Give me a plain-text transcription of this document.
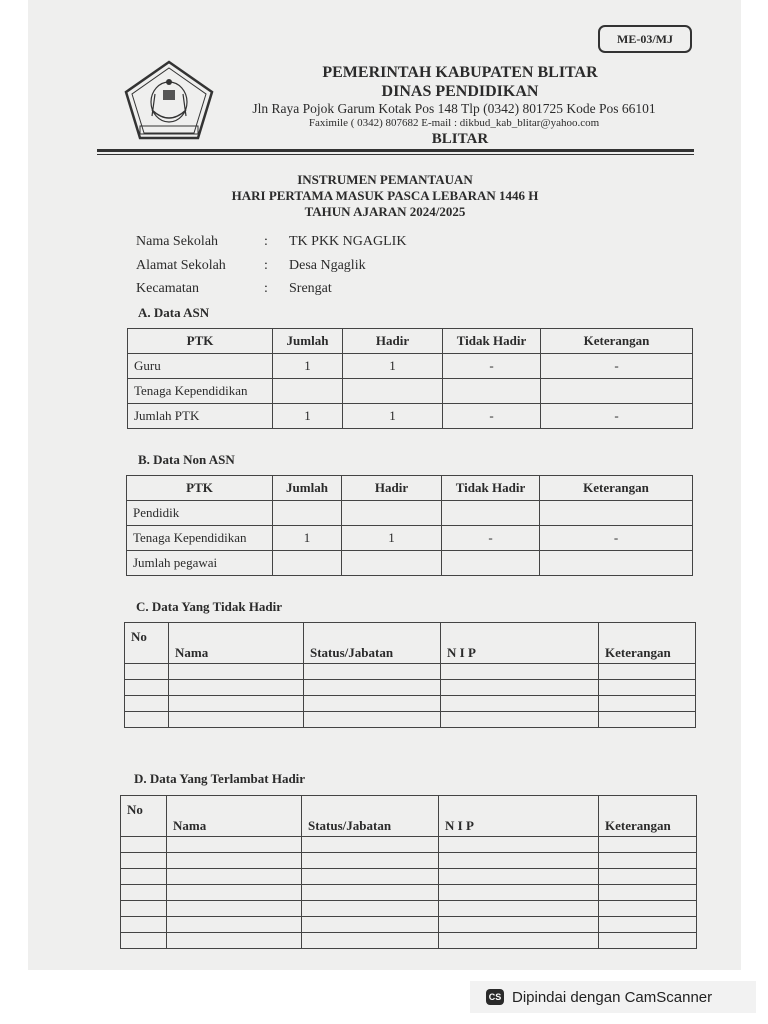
ME-03/MJ
PEMERINTAH KABUPATEN BLITAR
DINAS PENDIDIKAN
Jln Raya Pojok Garum Kotak Pos 148 Tlp (0342) 801725 Kode Pos 66101
Faximile ( 0342) 807682 E-mail : dikbud_kab_blitar@yahoo.com
BLITAR
INSTRUMEN PEMANTAUAN
HARI PERTAMA MASUK PASCA LEBARAN 1446 H
TAHUN AJARAN 2024/2025
Nama Sekolah	: TK PKK NGAGLIK
Alamat Sekolah	: Desa Ngaglik
Kecamatan	: Srengat
A. Data ASN
PTK	Jumlah	Hadir	Tidak Hadir	Keterangan
Guru	1	1	-	-
Tenaga Kependidikan				
Jumlah PTK	1	1	-	-
B. Data Non ASN
PTK	Jumlah	Hadir	Tidak Hadir	Keterangan
Pendidik				
Tenaga Kependidikan	1	1	-	-
Jumlah pegawai				
C. Data Yang Tidak Hadir
No	Nama	Status/Jabatan	N I P	Keterangan

D. Data Yang Terlambat Hadir
No	Nama	Status/Jabatan	N I P	Keterangan

CS Dipindai dengan CamScanner
